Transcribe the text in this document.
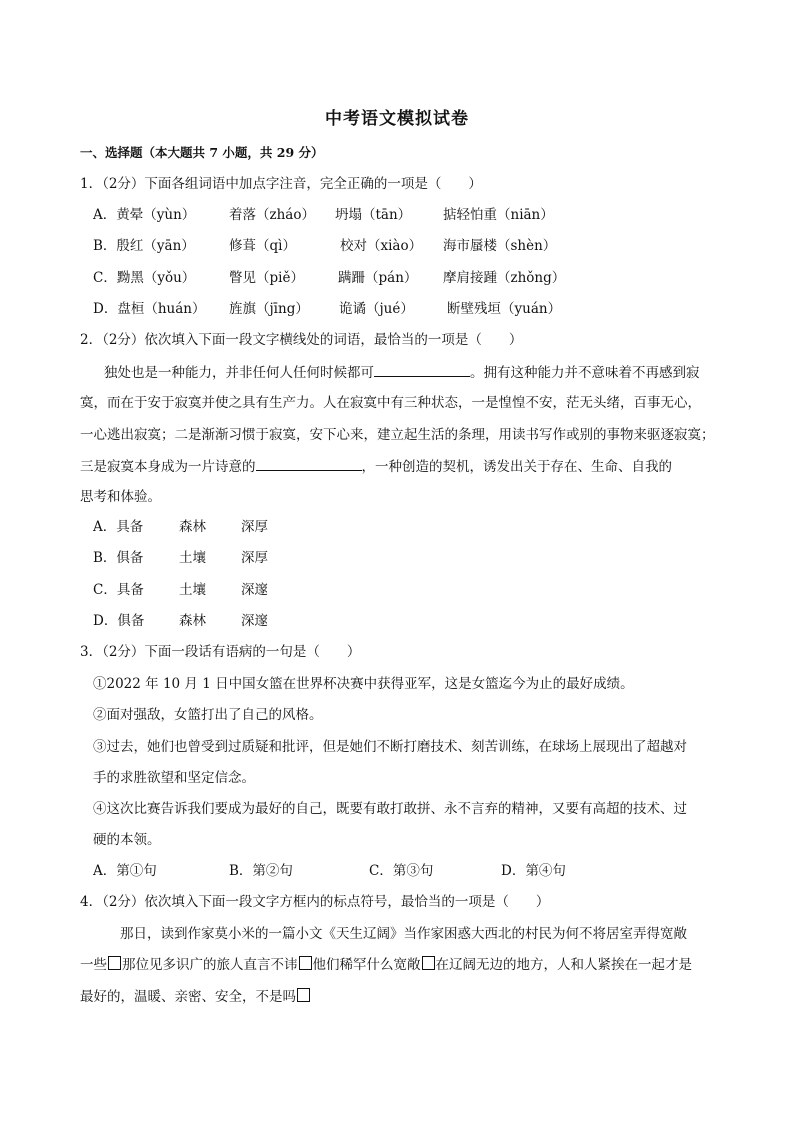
中考语文模拟试卷
一、选择题（本大题共 7 小题，共 29 分）
1．（2分）下面各组词语中加点字注音，完全正确的一项是（　　）
A．黄晕（yùn） 着落（zháo） 坍塌（tān） 掂轻怕重（niān）
B．殷红（yān）	修葺（qì）	校对（xiào） 海市蜃楼（shèn）
C．黝黑（yǒu） 瞥见（piě）	蹒跚（pán） 摩肩接踵（zhǒng）
D．盘桓（huán） 旌旗（jīng） 诡谲（jué） 断壁残垣（yuán）
2．（2分）依次填入下面一段文字横线处的词语，最恰当的一项是（　　）
独处也是一种能力，并非任何人任何时候都可	。拥有这种能力并不意味着不再感到寂
寞，而在于安于寂寞并使之具有生产力。人在寂寞中有三种状态，一是惶惶不安，茫无头绪，百事无心，
一心逃出寂寞；二是渐渐习惯于寂寞，安下心来，建立起生活的条理，用读书写作或别的事物来驱逐寂寞；
三是寂寞本身成为一片诗意的	，一种创造的契机，诱发出关于存在、生命、自我的
思考和体验。
A．具备	森林	深厚
B．俱备	土壤	深厚
C．具备	土壤	深邃
D．俱备	森林	深邃
3．（2分）下面一段话有语病的一句是（　　）
①2022 年 10 月 1 日中国女篮在世界杯决赛中获得亚军，这是女篮迄今为止的最好成绩。
②面对强敌，女篮打出了自己的风格。
③过去，她们也曾受到过质疑和批评，但是她们不断打磨技术、刻苦训练，在球场上展现出了超越对
手的求胜欲望和坚定信念。
④这次比赛告诉我们要成为最好的自己，既要有敢打敢拼、永不言弃的精神，又要有高超的技术、过
硬的本领。
A．第①句	B．第②句	C．第③句	D．第④句
4．（2分）依次填入下面一段文字方框内的标点符号，最恰当的一项是（　　）
那日，读到作家莫小米的一篇小文《天生辽阔》当作家困惑大西北的村民为何不将居室弄得宽敞
一些 那位见多识广的旅人直言不讳 他们稀罕什么宽敞 在辽阔无边的地方，人和人紧挨在一起才是
最好的，温暖、亲密、安全，不是吗
